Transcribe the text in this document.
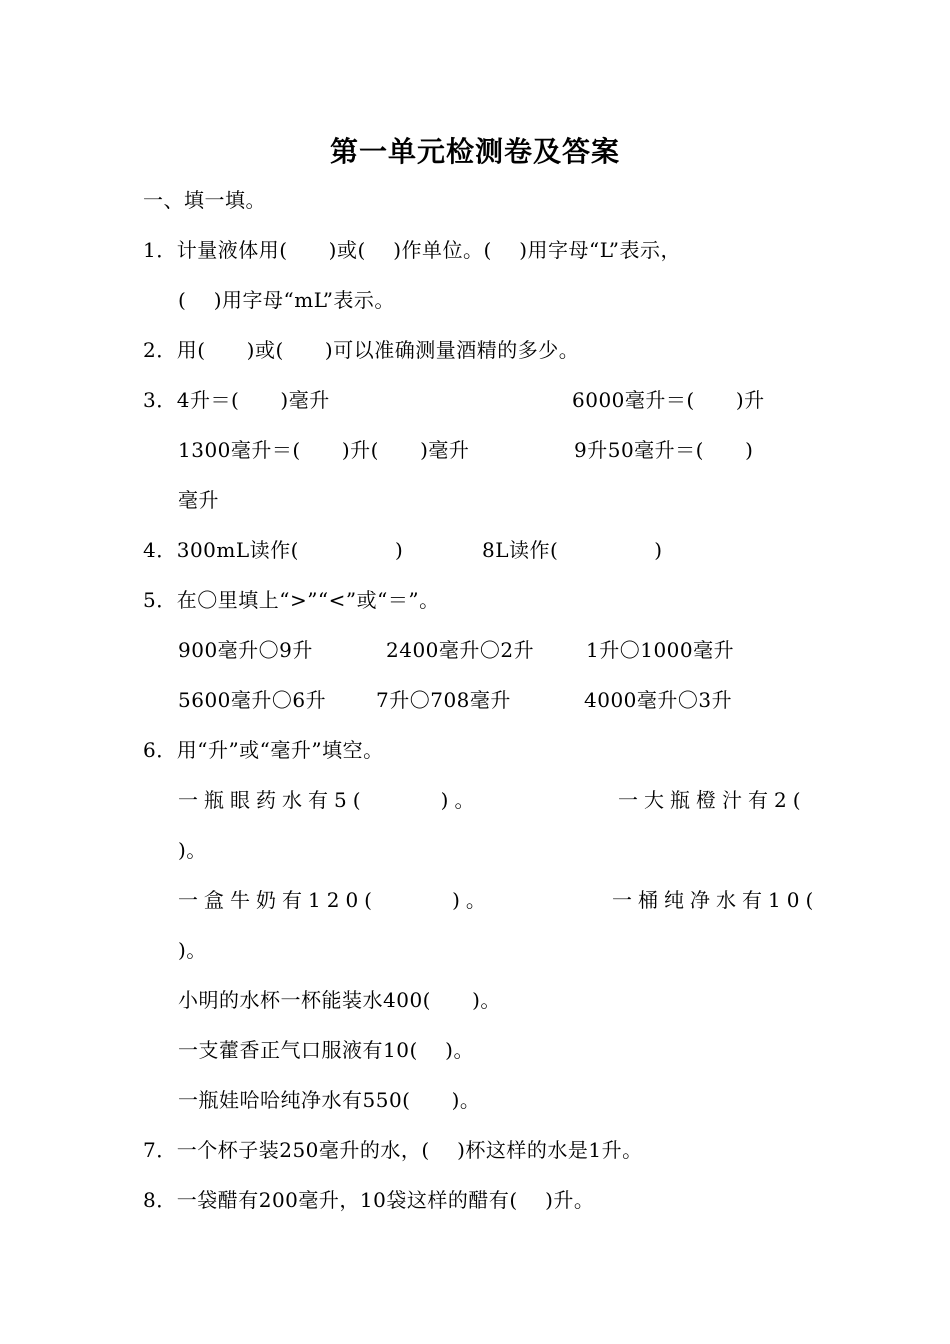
第一单元检测卷及答案
一、填一填。
1．计量液体用(      )或(    )作单位。(    )用字母“L”表示，
(    )用字母“mL”表示。
2．用(      )或(      )可以准确测量酒精的多少。
3．4升＝(      )毫升	6000毫升＝(      )升
1300毫升＝(      )升(      )毫升	9升50毫升＝(      )
毫升
4．300mL读作(              )	8L读作(              )
5．在〇里填上“>”“<”或“＝”。
900毫升〇9升	2400毫升〇2升	1升〇1000毫升
5600毫升〇6升 7升〇708毫升	4000毫升〇3升
6．用“升”或“毫升”填空。
一瓶眼药水有5(      )。	一大瓶橙汁有2(
)。
一盒牛奶有120(      )。	一桶纯净水有10(
)。
小明的水杯一杯能装水400(      )。
一支藿香正气口服液有10(    )。
一瓶娃哈哈纯净水有550(      )。
7．一个杯子装250毫升的水，(    )杯这样的水是1升。
8．一袋醋有200毫升，10袋这样的醋有(    )升。
